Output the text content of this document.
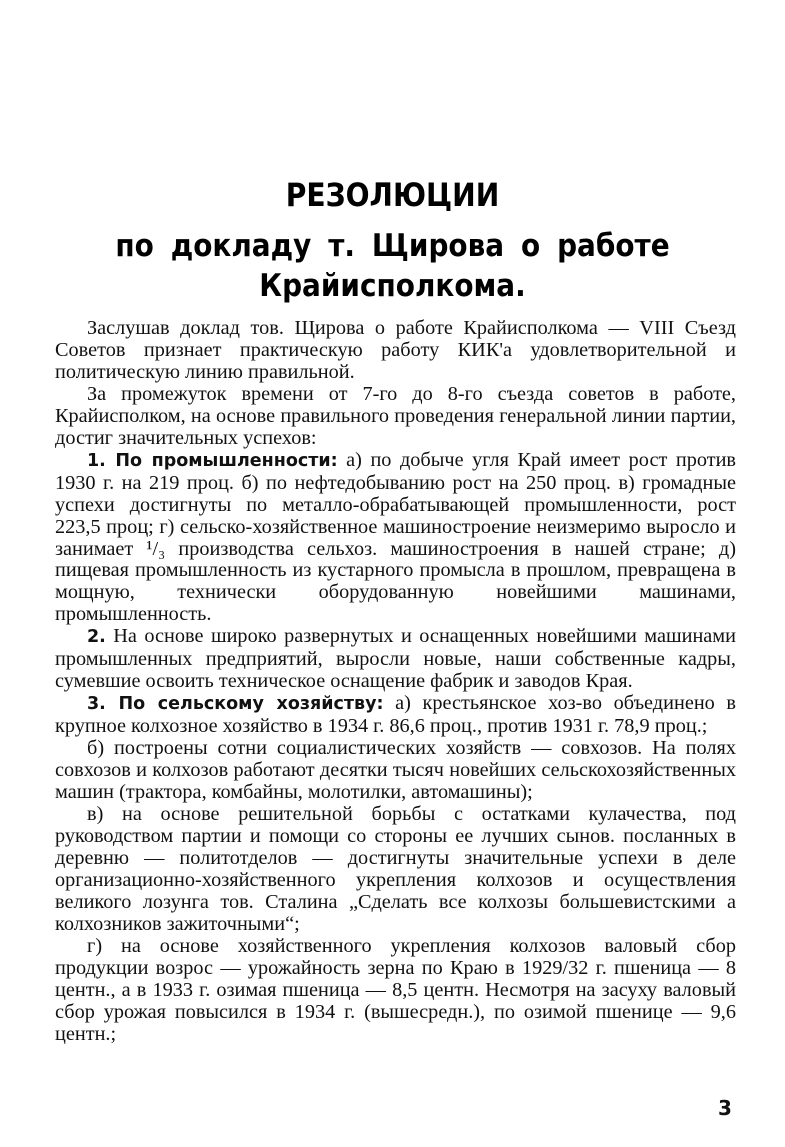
РЕЗОЛЮЦИИ
по докладу т. Щирова о работе
Крайисполкома.

Заслушав доклад тов. Щирова о работе Крайисполкома — VIII Съезд Советов признает практическую работу КИК'а удовлетворительной и политическую линию правильной.

За промежуток времени от 7-го до 8-го съезда советов в работе, Крайисполком, на основе правильного проведения генеральной линии партии, достиг значительных успехов:

1. По промышленности: а) по добыче угля Край имеет рост против 1930 г. на 219 проц. б) по нефтедобыванию рост на 250 проц. в) громадные успехи достигнуты по металло-обрабатывающей промышленности, рост 223,5 проц; г) сельско-хозяйственное машиностроение неизмеримо выросло и занимает ¹/₃ производства сельхоз. машиностроения в нашей стране; д) пищевая промышленность из кустарного промысла в прошлом, превращена в мощную, технически оборудованную новейшими машинами, промышленность.

2. На основе широко развернутых и оснащенных новейшими машинами промышленных предприятий, выросли новые, наши собственные кадры, сумевшие освоить техническое оснащение фабрик и заводов Края.

3. По сельскому хозяйству: а) крестьянское хоз-во объединено в крупное колхозное хозяйство в 1934 г. 86,6 проц., против 1931 г. 78,9 проц.;

б) построены сотни социалистических хозяйств — совхозов. На полях совхозов и колхозов работают десятки тысяч новейших сельскохозяйственных машин (трактора, комбайны, молотилки, автомашины);

в) на основе решительной борьбы с остатками кулачества, под руководством партии и помощи со стороны ее лучших сынов. посланных в деревню — политотделов — достигнуты значительные успехи в деле организационно-хозяйственного укрепления колхозов и осуществления великого лозунга тов. Сталина „Сделать все колхозы большевистскими а колхозников зажиточными“;

г) на основе хозяйственного укрепления колхозов валовый сбор продукции возрос — урожайность зерна по Краю в 1929/32 г. пшеница — 8 центн., а в 1933 г. озимая пшеница — 8,5 центн. Несмотря на засуху валовый сбор урожая повысился в 1934 г. (вышесредн.), по озимой пшенице — 9,6 центн.;

3
